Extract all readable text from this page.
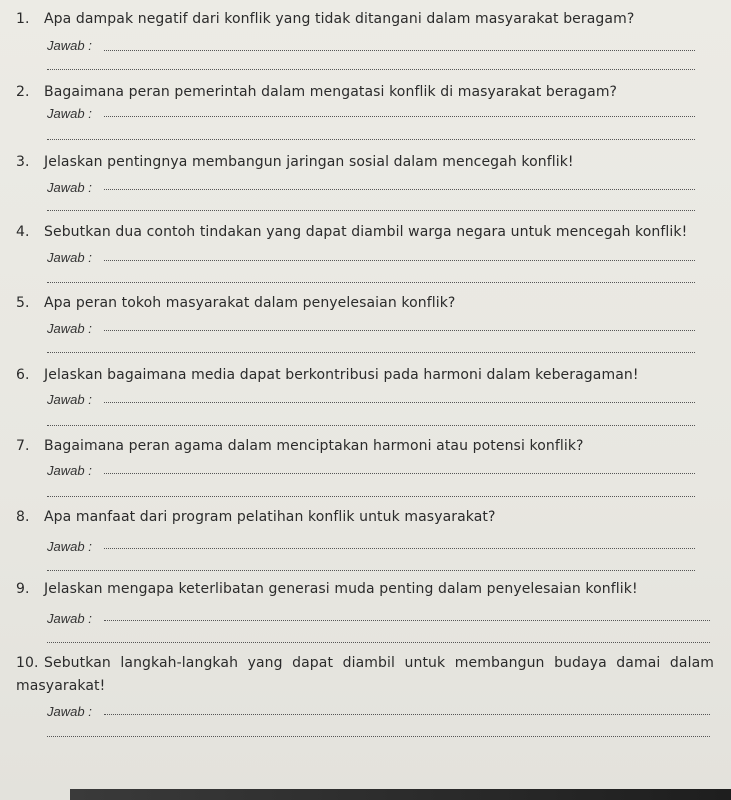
1. Apa dampak negatif dari konflik yang tidak ditangani dalam masyarakat beragam?
Jawab :
2. Bagaimana peran pemerintah dalam mengatasi konflik di masyarakat beragam?
Jawab :
3. Jelaskan pentingnya membangun jaringan sosial dalam mencegah konflik!
Jawab :
4. Sebutkan dua contoh tindakan yang dapat diambil warga negara untuk mencegah konflik!
Jawab :
5. Apa peran tokoh masyarakat dalam penyelesaian konflik?
Jawab :
6. Jelaskan bagaimana media dapat berkontribusi pada harmoni dalam keberagaman!
Jawab :
7. Bagaimana peran agama dalam menciptakan harmoni atau potensi konflik?
Jawab :
8. Apa manfaat dari program pelatihan konflik untuk masyarakat?
Jawab :
9. Jelaskan mengapa keterlibatan generasi muda penting dalam penyelesaian konflik!
Jawab :
10. Sebutkan langkah-langkah yang dapat diambil untuk membangun budaya damai dalam masyarakat!
Jawab :
